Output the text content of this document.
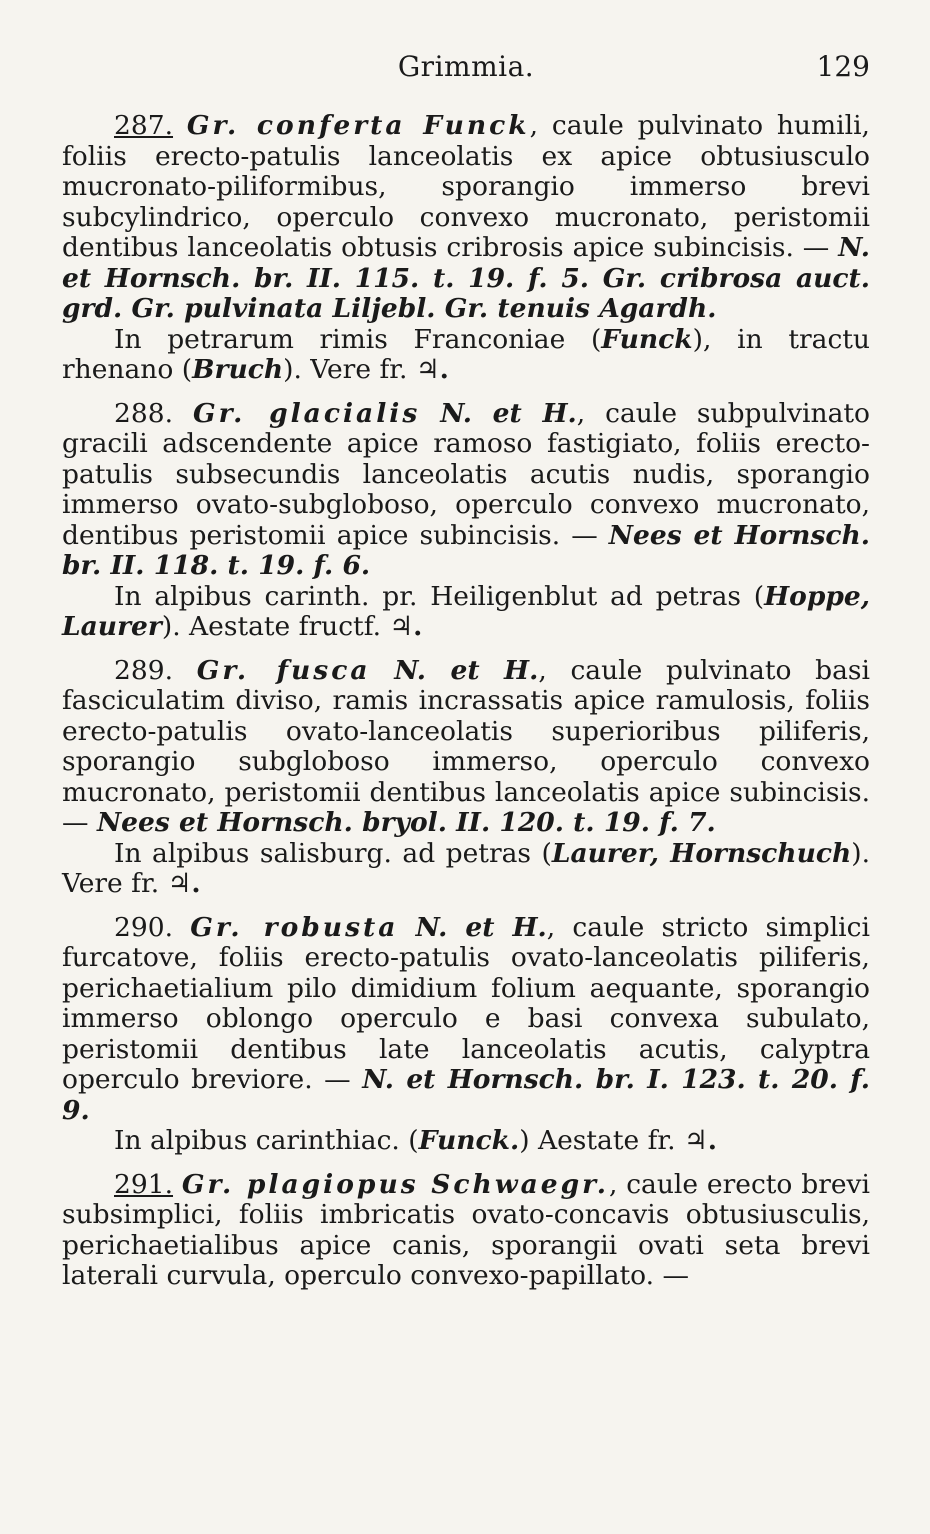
Grimmia.	129

287. Gr. conferta Funck, caule pulvinato humili, foliis erecto-patulis lanceolatis ex apice obtusiusculo mucronato-piliformibus, sporangio immerso brevi subcylindrico, operculo convexo mucronato, peristomii dentibus lanceolatis obtusis cribrosis apice subincisis. — N. et Hornsch. br. II. 115. t. 19. f. 5. Gr. cribrosa auct. grd. Gr. pulvinata Liljebl. Gr. tenuis Agardh.

In petrarum rimis Franconiae (Funck), in tractu rhenano (Bruch). Vere fr. ♃.

288. Gr. glacialis N. et H., caule subpulvinato gracili adscendente apice ramoso fastigiato, foliis erecto-patulis subsecundis lanceolatis acutis nudis, sporangio immerso ovato-subgloboso, operculo convexo mucronato, dentibus peristomii apice subincisis. — Nees et Hornsch. br. II. 118. t. 19. f. 6.

In alpibus carinth. pr. Heiligenblut ad petras (Hoppe, Laurer). Aestate fructf. ♃.

289. Gr. fusca N. et H., caule pulvinato basi fasciculatim diviso, ramis incrassatis apice ramulosis, foliis erecto-patulis ovato-lanceolatis superioribus piliferis, sporangio subgloboso immerso, operculo convexo mucronato, peristomii dentibus lanceolatis apice subincisis. — Nees et Hornsch. bryol. II. 120. t. 19. f. 7.

In alpibus salisburg. ad petras (Laurer, Hornschuch). Vere fr. ♃.

290. Gr. robusta N. et H., caule stricto simplici furcatove, foliis erecto-patulis ovato-lanceolatis piliferis, perichaetialium pilo dimidium folium aequante, sporangio immerso oblongo operculo e basi convexa subulato, peristomii dentibus late lanceolatis acutis, calyptra operculo breviore. — N. et Hornsch. br. I. 123. t. 20. f. 9.

In alpibus carinthiac. (Funck.) Aestate fr. ♃.

291. Gr. plagiopus Schwaegr., caule erecto brevi subsimplici, foliis imbricatis ovato-concavis obtusiusculis, perichaetialibus apice canis, sporangii ovati seta brevi laterali curvula, operculo convexo-papillato. —
